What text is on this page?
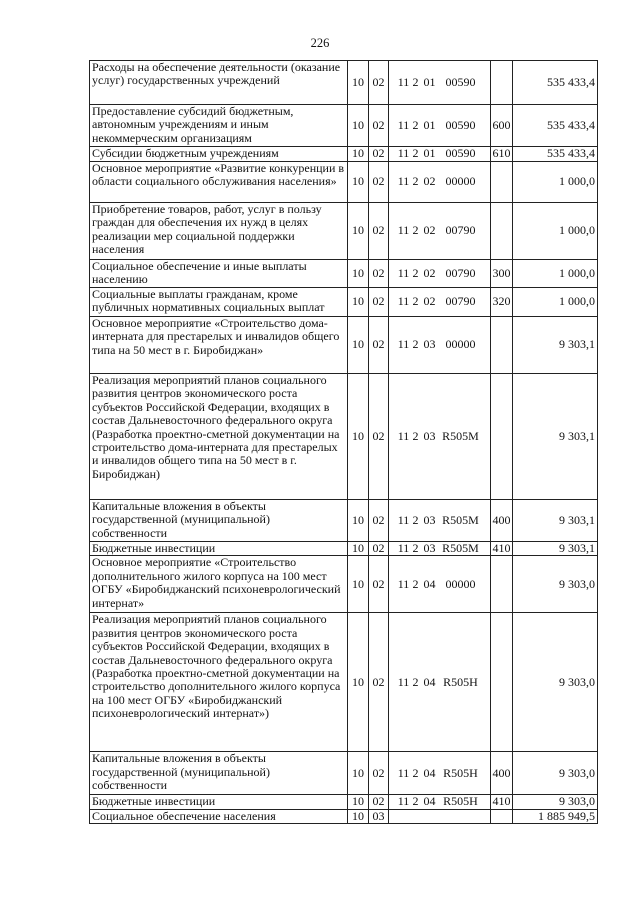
226
Расходы на обеспечение деятельности (оказание услуг) государственных учреждений	10	02	11 2 01 00590		535 433,4
Предоставление субсидий бюджетным, автономным учреждениям и иным некоммерческим организациям	10	02	11 2 01 00590	600	535 433,4
Субсидии бюджетным учреждениям	10	02	11 2 01 00590	610	535 433,4
Основное мероприятие «Развитие конкуренции в области социального обслуживания населения»	10	02	11 2 02 00000		1 000,0
Приобретение товаров, работ, услуг в пользу граждан для обеспечения их нужд в целях реализации мер социальной поддержки населения	10	02	11 2 02 00790		1 000,0
Социальное обеспечение и иные выплаты населению	10	02	11 2 02 00790	300	1 000,0
Социальные выплаты гражданам, кроме публичных нормативных социальных выплат	10	02	11 2 02 00790	320	1 000,0
Основное мероприятие «Строительство дома-интерната для престарелых и инвалидов общего типа на 50 мест в г. Биробиджан»	10	02	11 2 03 00000		9 303,1
Реализация мероприятий планов социального развития центров экономического роста субъектов Российской Федерации, входящих в состав Дальневосточного федерального округа (Разработка проектно-сметной документации на строительство дома-интерната для престарелых и инвалидов общего типа на 50 мест в г. Биробиджан)	10	02	11 2 03 R505М		9 303,1
Капитальные вложения в объекты государственной (муниципальной) собственности	10	02	11 2 03 R505М	400	9 303,1
Бюджетные инвестиции	10	02	11 2 03 R505М	410	9 303,1
Основное мероприятие «Строительство дополнительного жилого корпуса на 100 мест ОГБУ «Биробиджанский психоневрологический интернат»	10	02	11 2 04 00000		9 303,0
Реализация мероприятий планов социального развития центров экономического роста субъектов Российской Федерации, входящих в состав Дальневосточного федерального округа (Разработка проектно-сметной документации на строительство дополнительного жилого корпуса на 100 мест ОГБУ «Биробиджанский психоневрологический интернат»)	10	02	11 2 04 R505Н		9 303,0
Капитальные вложения в объекты государственной (муниципальной) собственности	10	02	11 2 04 R505Н	400	9 303,0
Бюджетные инвестиции	10	02	11 2 04 R505Н	410	9 303,0
Социальное обеспечение населения	10	03			1 885 949,5
